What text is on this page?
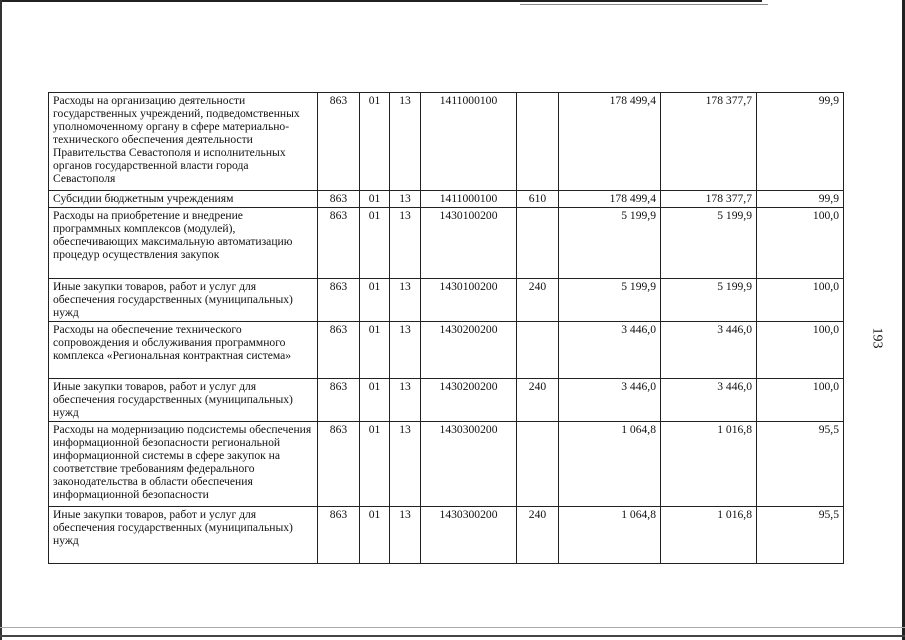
Расходы на организацию деятельности государственных учреждений, подведомственных уполномоченному органу в сфере материально-технического обеспечения деятельности Правительства Севастополя и исполнительных органов государственной власти города Севастополя	863	01	13	1411000100		178 499,4	178 377,7	99,9
Субсидии бюджетным учреждениям	863	01	13	1411000100	610	178 499,4	178 377,7	99,9
Расходы на приобретение и внедрение программных комплексов (модулей), обеспечивающих максимальную автоматизацию процедур осуществления закупок	863	01	13	1430100200		5 199,9	5 199,9	100,0
Иные закупки товаров, работ и услуг для обеспечения государственных (муниципальных) нужд	863	01	13	1430100200	240	5 199,9	5 199,9	100,0
Расходы на обеспечение технического сопровождения и обслуживания программного комплекса «Региональная контрактная система»	863	01	13	1430200200		3 446,0	3 446,0	100,0
Иные закупки товаров, работ и услуг для обеспечения государственных (муниципальных) нужд	863	01	13	1430200200	240	3 446,0	3 446,0	100,0
Расходы на модернизацию подсистемы обеспечения информационной безопасности региональной информационной системы в сфере закупок на соответствие требованиям федерального законодательства в области обеспечения информационной безопасности	863	01	13	1430300200		1 064,8	1 016,8	95,5
Иные закупки товаров, работ и услуг для обеспечения государственных (муниципальных) нужд	863	01	13	1430300200	240	1 064,8	1 016,8	95,5
193
